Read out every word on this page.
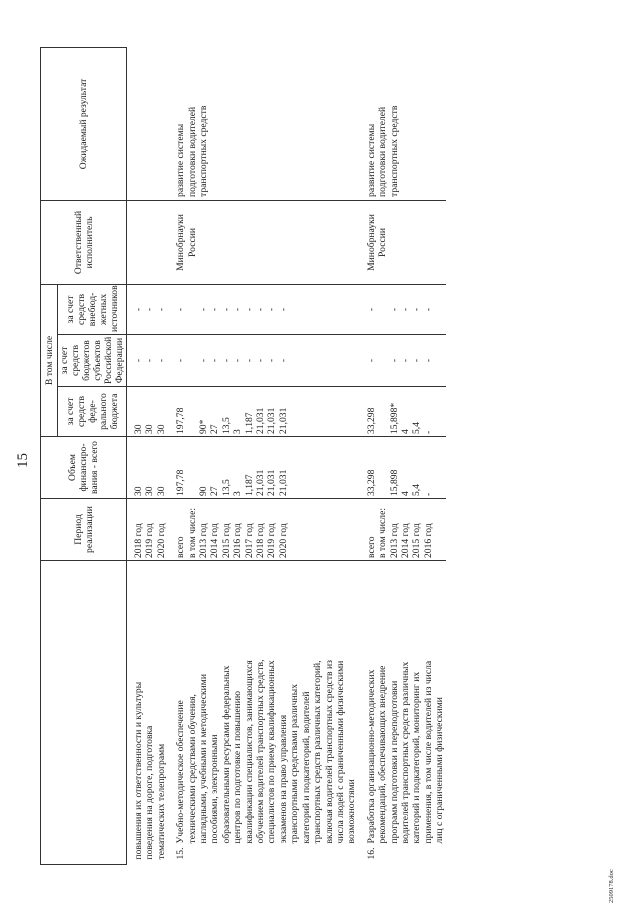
15
	Период реализации	Объем финансиро-вания - всего	В том числе			Ответственный исполнитель	Ожидаемый результат
			за счет средств феде-рального бюджета	за счет средств бюджетов субъектов Российской Федерации	за счет средств внебюд-жетных источников		
повышения их ответственности и культуры	2018 год	30	30	-	-		
поведения на дороге, подготовка	2019 год	30	30	-	-		
тематических телепрограмм	2020 год	30	30	-	-		
15.Учебно-методическое обеспечение	всего	197,78	197,78	-	-	Минобрнауки	развитие системы
техническими средствами обучения,	в том числе:					России	подготовки водителей
наглядными, учебными и методическими	2013 год	90	90*	-	-		транспортных средств
пособиями, электронными	2014 год	27	27	-	-		
образовательными ресурсами федеральных	2015 год	13,5	13,5	-	-		
центров по подготовке и повышению	2016 год	3	3	-	-		
квалификации специалистов, занимающихся	2017 год	1,187	1,187	-	-		
обучением водителей транспортных средств,	2018 год	21,031	21,031	-	-		
специалистов по приему квалификационных	2019 год	21,031	21,031	-	-		
экзаменов на право управления	2020 год	21,031	21,031	-	-		
транспортными средствами различных							
категорий и подкатегорий, водителей							
транспортных средств различных категорий,							
включая водителей транспортных средств из							
числа людей с ограниченными физическими							
возможностями							
16.Разработка организационно-методических	всего	33,298	33,298	-	-	Минобрнауки	развитие системы
рекомендаций, обеспечивающих внедрение	в том числе:					России	подготовки водителей
программ подготовки и переподготовки	2013 год	15,898	15,898*	-	-		транспортных средств
водителей транспортных средств различных	2014 год	4	4	-	-		
категорий и подкатегорий, мониторинг их	2015 год	5,4	5,4	-	-		
применения, в том числе водителей из числа	2016 год	-	-	-	-		
лиц с ограниченными физическими							
2509178.doc
